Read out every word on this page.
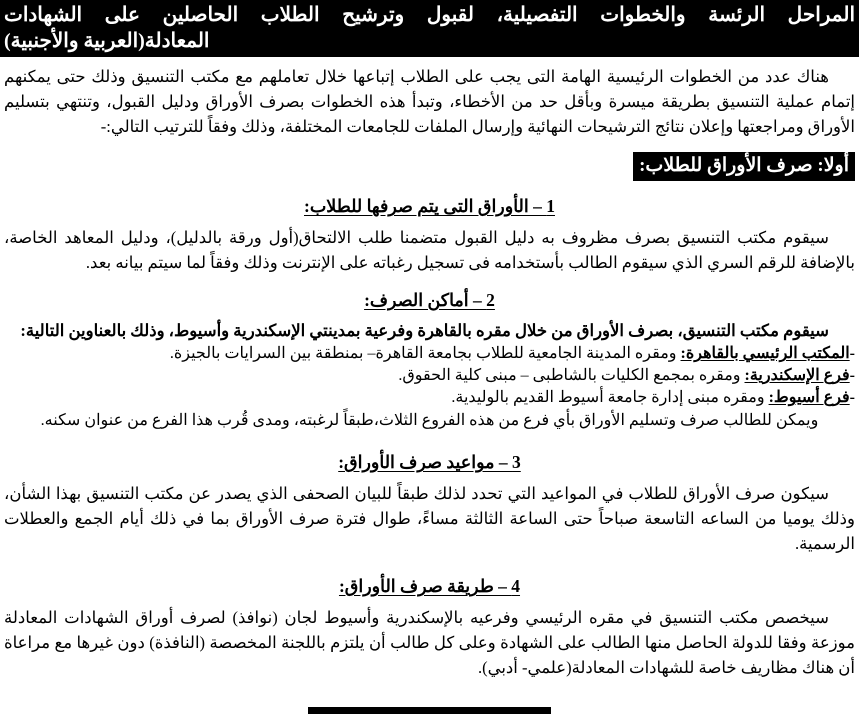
المراحل الرئسة والخطوات التفصيلية، لقبول وترشيح الطلاب الحاصلين على الشهادات
المعادلة(العربية والأجنبية)

هناك عدد من الخطوات الرئيسية الهامة التى يجب على الطلاب إتباعها خلال تعاملهم مع مكتب التنسيق وذلك حتى يمكنهم إتمام عملية التنسيق بطريقة ميسرة وبأقل حد من الأخطاء، وتبدأ هذه الخطوات بصرف الأوراق ودليل القبول، وتنتهي بتسليم الأوراق ومراجعتها وإعلان نتائج الترشيحات النهائية وإرسال الملفات للجامعات المختلفة، وذلك وفقاً للترتيب التالي:-

أولا: صرف الأوراق للطلاب:
1 – الأوراق التى يتم صرفها للطلاب:

سيقوم مكتب التنسيق بصرف مظروف به دليل القبول متضمنا طلب الالتحاق(أول ورقة بالدليل)، ودليل المعاهد الخاصة، بالإضافة للرقم السري الذي سيقوم الطالب بأستخدامه فى تسجيل رغباته على الإنترنت وذلك وفقاً لما سيتم بيانه بعد.

2 – أماكن الصرف:

سيقوم مكتب التنسيق، بصرف الأوراق من خلال مقره بالقاهرة وفرعية بمدينتي الإسكندرية وأسيوط، وذلك بالعناوين التالية:

-المكتب الرئيسي بالقاهرة: ومقره المدينة الجامعية للطلاب بجامعة القاهرة– بمنطقة بين السرايات بالجيزة.
-فرع الإسكندرية: ومقره بمجمع الكليات بالشاطبى – مبنى كلية الحقوق.
-فرع أسيوط: ومقره مبنى إدارة جامعة أسيوط القديم بالوليدية.

ويمكن للطالب صرف وتسليم الأوراق بأي فرع من هذه الفروع الثلاث،طبقاً لرغبته، ومدى قُرب هذا الفرع من عنوان سكنه.

3 – مواعيد صرف الأوراق:

سيكون صرف الأوراق للطلاب في المواعيد التي تحدد لذلك طبقاً للبيان الصحفى الذي يصدر عن مكتب التنسيق بهذا الشأن، وذلك يوميا من الساعه التاسعة صباحاً حتى الساعة الثالثة مساءً، طوال فترة صرف الأوراق بما في ذلك أيام الجمع والعطلات الرسمية.

4 – طريقة صرف الأوراق:

سيخصص مكتب التنسيق في مقره الرئيسي وفرعيه بالإسكندرية وأسيوط لجان (نوافذ) لصرف أوراق الشهادات المعادلة موزعة وفقا للدولة الحاصل منها الطالب على الشهادة وعلى كل طالب أن يلتزم باللجنة المخصصة (النافذة) دون غيرها مع مراعاة أن هناك مظاريف خاصة للشهادات المعادلة(علمي- أدبي).
